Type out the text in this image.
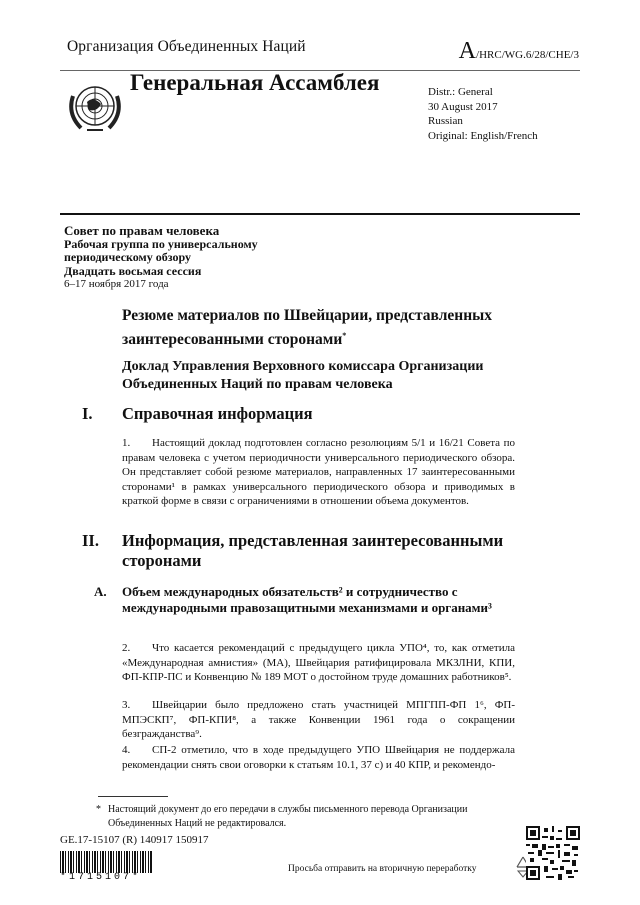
Организация Объединенных Наций	A/HRC/WG.6/28/CHE/3
Генеральная Ассамблея	Distr.: General
30 August 2017
Russian
Original: English/French
Совет по правам человека
Рабочая группа по универсальному
периодическому обзору
Двадцать восьмая сессия
6–17 ноября 2017 года
Резюме материалов по Швейцарии, представленных
заинтересованными сторонами*
Доклад Управления Верховного комиссара Организации
Объединенных Наций по правам человека
I. Справочная информация
1. Настоящий доклад подготовлен согласно резолюциям 5/1 и 16/21 Совета по правам человека с учетом периодичности универсального периодического обзора. Он представляет собой резюме материалов, направленных 17 заинтересованными сторонами¹ в рамках универсального периодического обзора и приводимых в краткой форме в связи с ограничениями в отношении объема документов.
II. Информация, представленная заинтересованными сторонами
A. Объем международных обязательств² и сотрудничество с международными правозащитными механизмами и органами³
2. Что касается рекомендаций с предыдущего цикла УПО⁴, то, как отметила «Международная амнистия» (МА), Швейцария ратифицировала МКЗЛНИ, КПИ, ФП-КПР-ПС и Конвенцию № 189 МОТ о достойном труде домашних работников⁵.
3. Швейцарии было предложено стать участницей МПГПП-ФП 1⁶, ФП-МПЭСКП⁷, ФП-КПИ⁸, а также Конвенции 1961 года о сокращении безгражданства⁹.
4. СП-2 отметило, что в ходе предыдущего УПО Швейцария не поддержала рекомендации снять свои оговорки к статьям 10.1, 37 с) и 40 КПР, и рекомендо-
* Настоящий документ до его передачи в службы письменного перевода Организации Объединенных Наций не редактировался.
GE.17-15107 (R) 140917 150917
*1715107*
Просьба отправить на вторичную переработку
